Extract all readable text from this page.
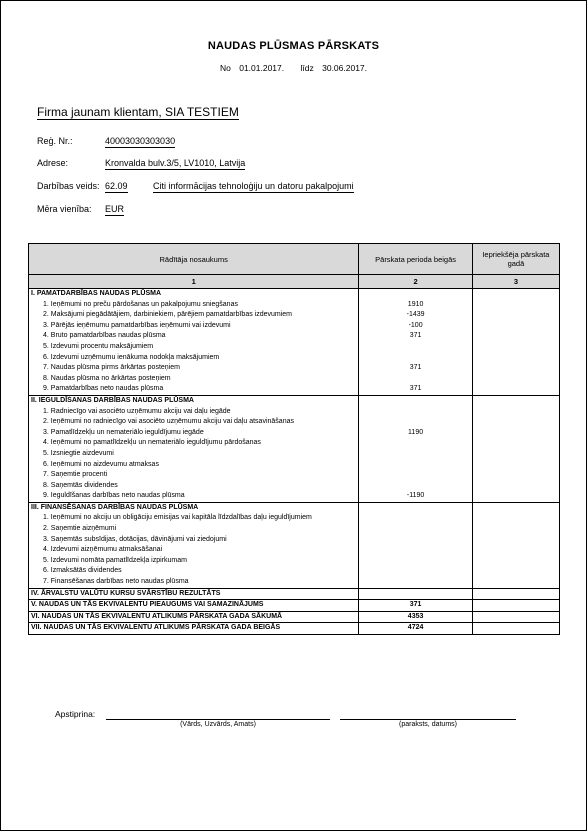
NAUDAS PLŪSMAS PĀRSKATS
No 01.01.2017. līdz 30.06.2017.
Firma jaunam klientam, SIA TESTIEM
Reģ. Nr.:	40003030303030
Adrese:	Kronvalda bulv.3/5, LV1010, Latvija
Darbības veids: 62.09	Citi informācijas tehnoloģiju un datoru pakalpojumi
Mēra vienība: EUR
Rādītāja nosaukums	Pārskata perioda beigās	Iepriekšēja pārskata gadā
1	2	3
I. PAMATDARBĪBAS NAUDAS PLŪSMA		
1. Ieņēmumi no preču pārdošanas un pakalpojumu sniegšanas	1910	
2. Maksājumi piegādātājiem, darbiniekiem, pārējiem pamatdarbības izdevumiem	-1439	
3. Pārējās ieņēmumu pamatdarbības ieņēmumi vai izdevumi	-100	
4. Bruto pamatdarbības naudas plūsma	371	
5. Izdevumi procentu maksājumiem		
6. Izdevumi uzņēmumu ienākuma nodokļa maksājumiem		
7. Naudas plūsma pirms ārkārtas posteņiem	371	
8. Naudas plūsma no ārkārtas posteņiem		
9. Pamatdarbības neto naudas plūsma	371	
II. IEGULDĪŠANAS DARBĪBAS NAUDAS PLŪSMA		
1. Radniecīgo vai asociēto uzņēmumu akciju vai daļu iegāde		
2. Ieņēmumi no radniecīgo vai asociēto uzņēmumu akciju vai daļu atsavināšanas		
3. Pamatlīdzekļu un nemateriālo ieguldījumu iegāde	1190	
4. Ieņēmumi no pamatlīdzekļu un nemateriālo ieguldījumu pārdošanas		
5. Izsniegtie aizdevumi		
6. Ieņēmumi no aizdevumu atmaksas		
7. Saņemtie procenti		
8. Saņemtās dividendes		
9. Ieguldīšanas darbības neto naudas plūsma	-1190	
III. FINANSĒŠANAS DARBĪBAS NAUDAS PLŪSMA		
1. Ieņēmumi no akciju un obligāciju emisijas vai kapitāla līdzdalības daļu ieguldījumiem		
2. Saņemtie aizņēmumi		
3. Saņemtās subsīdijas, dotācijas, dāvinājumi vai ziedojumi		
4. Izdevumi aizņēmumu atmaksāšanai		
5. Izdevumi nomāta pamatlīdzekļa izpirkumam		
6. Izmaksātās dividendes		
7. Finansēšanas darbības neto naudas plūsma		
IV. ĀRVALSTU VALŪTU KURSU SVĀRSTĪBU REZULTĀTS		
V. NAUDAS UN TĀS EKVIVALENTU PIEAUGUMS VAI SAMAZINĀJUMS	371	
VI. NAUDAS UN TĀS EKVIVALENTU ATLIKUMS PĀRSKATA GADA SĀKUMĀ	4353	
VII. NAUDAS UN TĀS EKVIVALENTU ATLIKUMS PĀRSKATA GADA BEIGĀS	4724	
Apstiprina:
(Vārds, Uzvārds, Amats)	(paraksts, datums)
